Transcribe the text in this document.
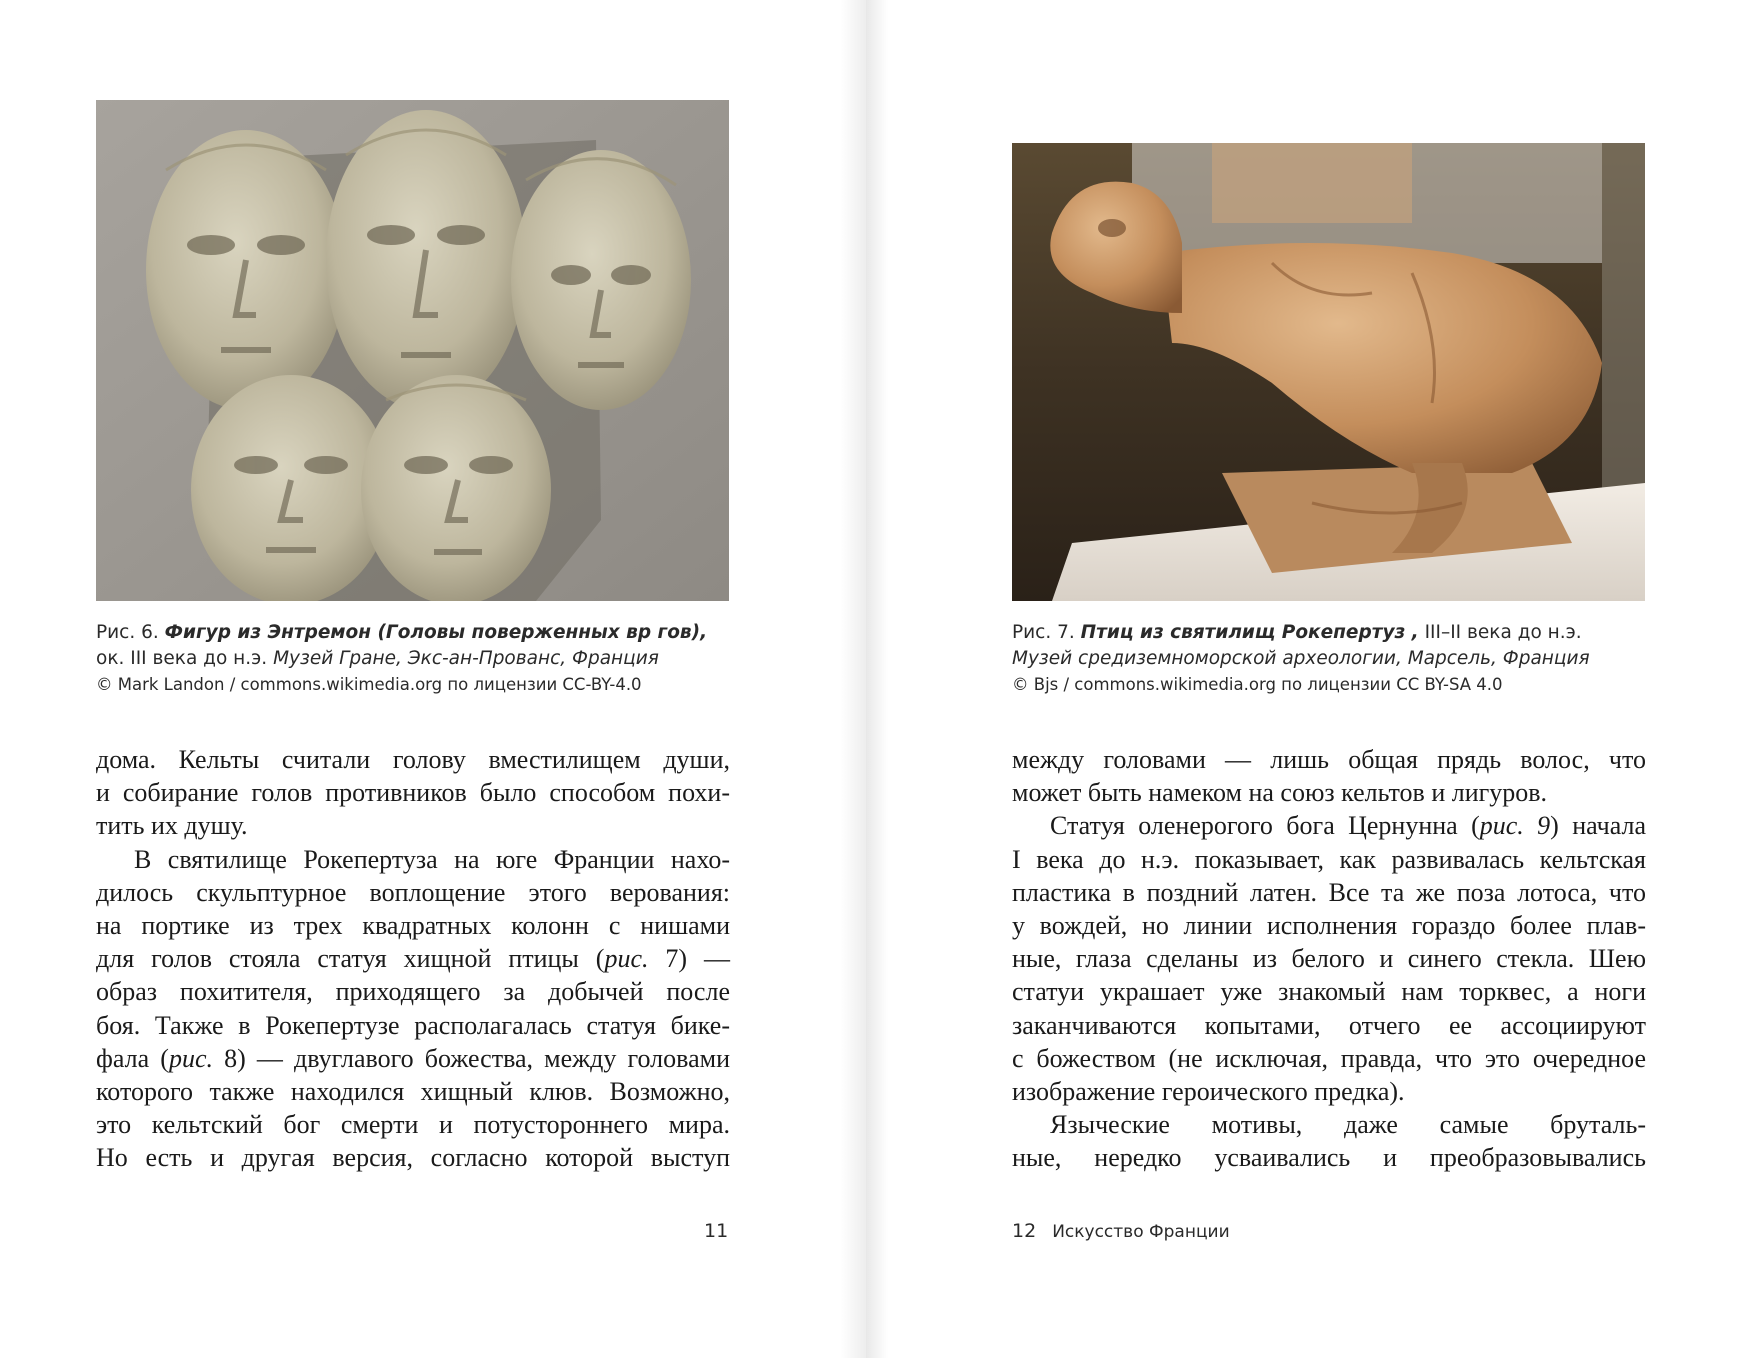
Рис. 6. Фигур из Энтремон (Головы поверженных вр гов),
ок. III века до н.э. Музей Гране, Экс-ан-Прованс, Франция
© Mark Landon / commons.wikimedia.org по лицензии CC-BY-4.0
дома. Кельты считали голову вместилищем души,
и собирание голов противников было способом похи-
тить их душу.
В святилище Рокепертуза на юге Франции нахо-
дилось скульптурное воплощение этого верования:
на портике из трех квадратных колонн с нишами
для голов стояла статуя хищной птицы (рис. 7) —
образ похитителя, приходящего за добычей после
боя. Также в Рокепертузе располагалась статуя бике-
фала (рис. 8) — двуглавого божества, между головами
которого также находился хищный клюв. Возможно,
это кельтский бог смерти и потустороннего мира.
Но есть и другая версия, согласно которой выступ
11
Рис. 7. Птиц из святилищ Рокепертуз , III–II века до н.э.
Музей средиземноморской археологии, Марсель, Франция
© Bjs / commons.wikimedia.org по лицензии CC BY-SA 4.0
между головами — лишь общая прядь волос, что
может быть намеком на союз кельтов и лигуров.
Статуя оленерогого бога Цернунна (рис. 9) начала
I века до н.э. показывает, как развивалась кельтская
пластика в поздний латен. Все та же поза лотоса, что
у вождей, но линии исполнения гораздо более плав-
ные, глаза сделаны из белого и синего стекла. Шею
статуи украшает уже знакомый нам торквес, а ноги
заканчиваются копытами, отчего ее ассоциируют
с божеством (не исключая, правда, что это очередное
изображение героического предка).
Языческие мотивы, даже самые бруталь-
ные, нередко усваивались и преобразовывались
12 Искусство Франции
